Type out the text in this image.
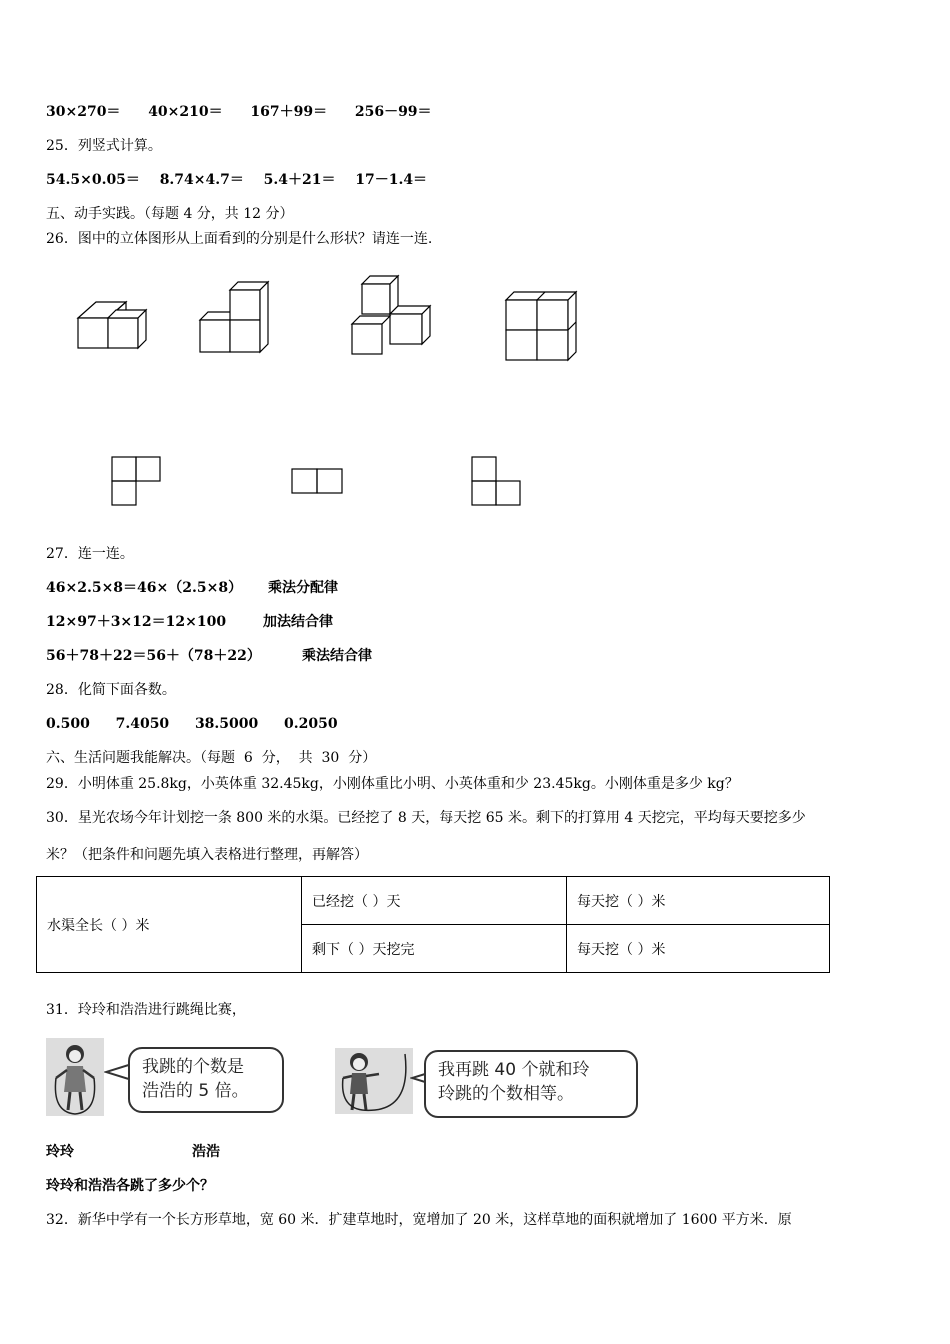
30×270＝ 40×210＝ 167＋99＝ 256－99＝
25．列竖式计算。
54.5×0.05＝ 8.74×4.7＝ 5.4＋21＝ 17－1.4＝
五、动手实践。（每题 4 分，共 12 分）
26．图中的立体图形从上面看到的分别是什么形状？请连一连.
27．连一连。
46×2.5×8＝46×（2.5×8） 乘法分配律
12×97＋3×12＝12×100	加法结合律
56＋78＋22＝56＋（78＋22）	乘法结合律
28．化简下面各数。
0.500 7.4050 38.5000 0.2050
六、生活问题我能解决。（每题  6  分，  共  30  分）
29．小明体重 25.8kg，小英体重 32.45kg，小刚体重比小明、小英体重和少 23.45kg。小刚体重是多少 kg？
30．星光农场今年计划挖一条 800 米的水渠。已经挖了 8 天，每天挖 65 米。剩下的打算用 4 天挖完，平均每天要挖多少
米？（把条件和问题先填入表格进行整理，再解答）
水渠全长（ ）米	已经挖（ ）天	每天挖（ ）米
	剩下（ ）天挖完	每天挖（ ）米
31．玲玲和浩浩进行跳绳比赛，
我跳的个数是
浩浩的 5 倍。
我再跳 40 个就和玲
玲跳的个数相等。
玲玲	浩浩
玲玲和浩浩各跳了多少个？
32．新华中学有一个长方形草地，宽 60 米．扩建草地时，宽增加了 20 米，这样草地的面积就增加了 1600 平方米．原
